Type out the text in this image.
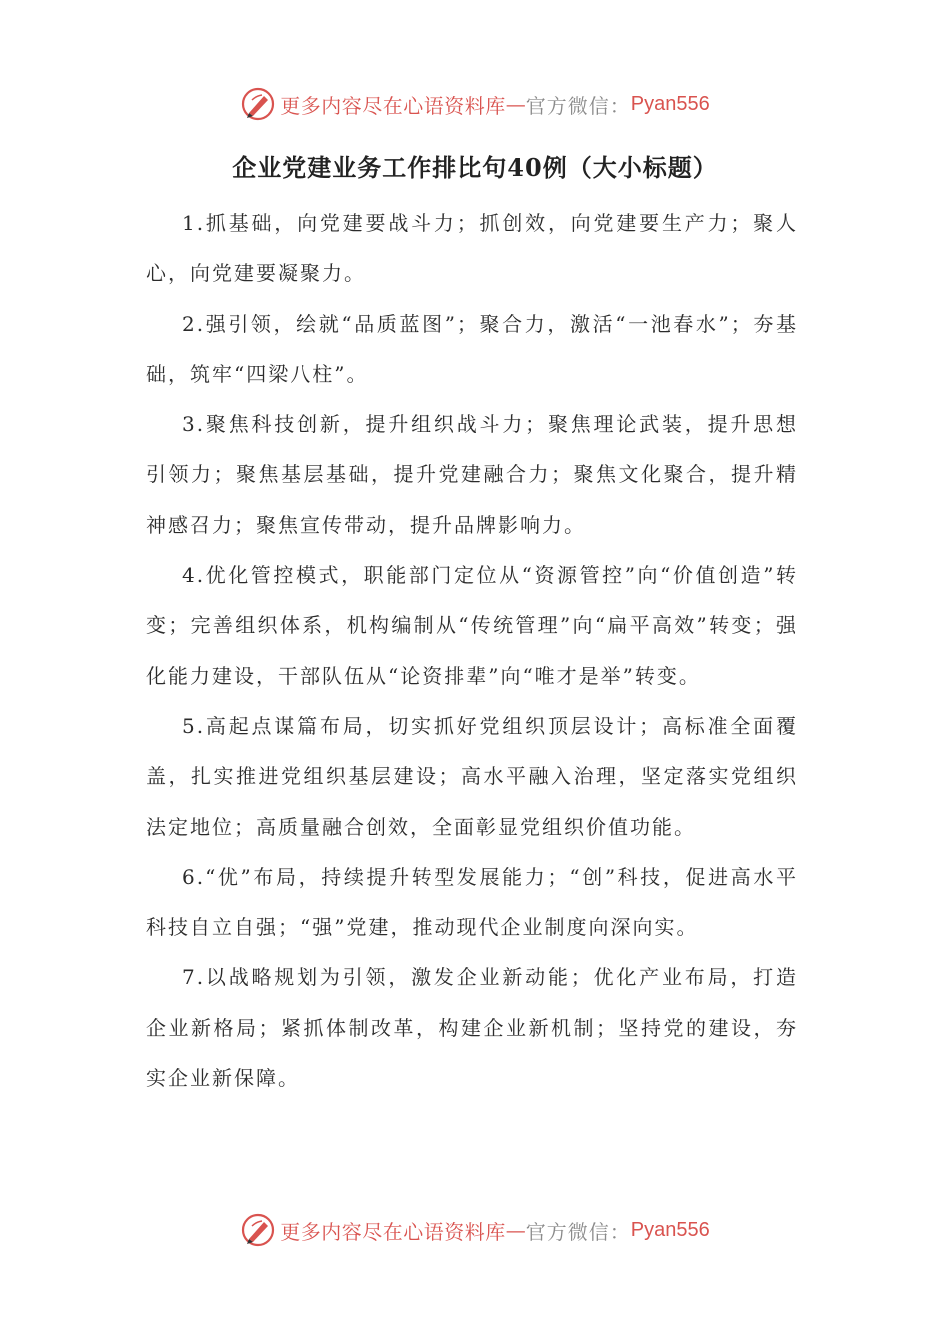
更多内容尽在心语资料库 — 官方微信： Pyan556
企业党建业务工作排比句40例（大小标题）

1.抓基础，向党建要战斗力；抓创效，向党建要生产力；聚人心，向党建要凝聚力。

2.强引领，绘就“品质蓝图”；聚合力，激活“一池春水”；夯基础，筑牢“四梁八柱”。

3.聚焦科技创新，提升组织战斗力；聚焦理论武装，提升思想引领力；聚焦基层基础，提升党建融合力；聚焦文化聚合，提升精神感召力；聚焦宣传带动，提升品牌影响力。

4.优化管控模式，职能部门定位从“资源管控”向“价值创造”转变；完善组织体系，机构编制从“传统管理”向“扁平高效”转变；强化能力建设，干部队伍从“论资排辈”向“唯才是举”转变。

5.高起点谋篇布局，切实抓好党组织顶层设计；高标准全面覆盖，扎实推进党组织基层建设；高水平融入治理，坚定落实党组织法定地位；高质量融合创效，全面彰显党组织价值功能。

6.“优”布局，持续提升转型发展能力；“创”科技，促进高水平科技自立自强；“强”党建，推动现代企业制度向深向实。

7.以战略规划为引领，激发企业新动能；优化产业布局，打造企业新格局；紧抓体制改革，构建企业新机制；坚持党的建设，夯实企业新保障。

更多内容尽在心语资料库 — 官方微信： Pyan556
